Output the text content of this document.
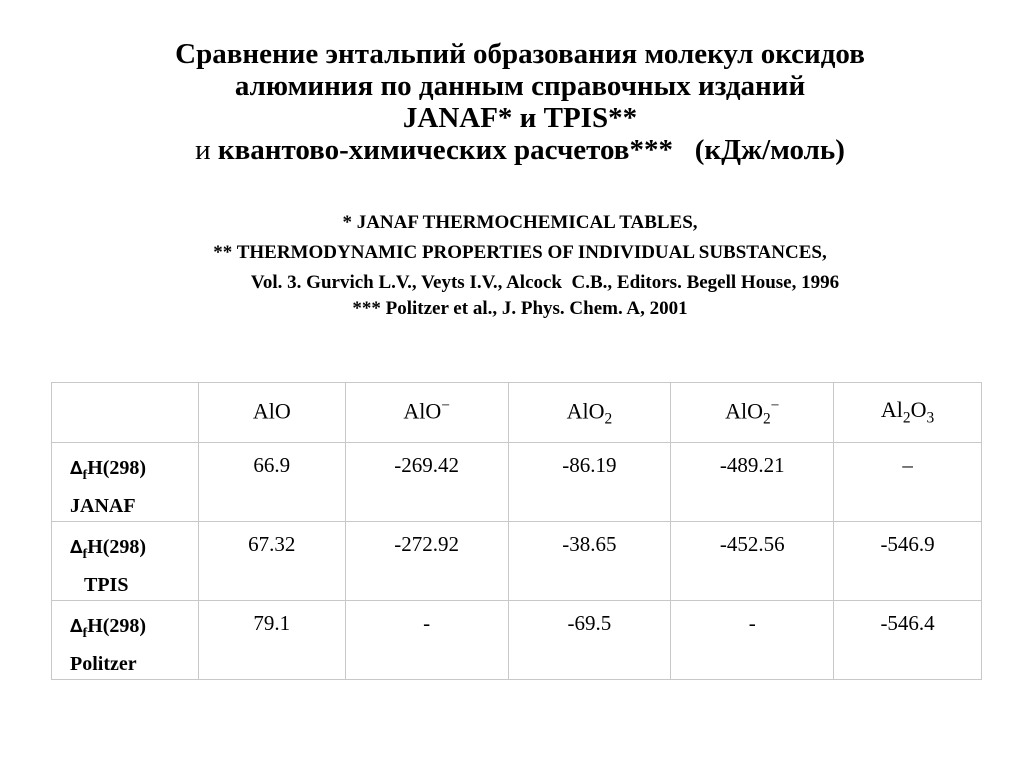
Сравнение энтальпий образования молекул оксидов
алюминия по данным справочных изданий
JANAF* и TPIS**
и квантово-химических расчетов***   (кДж/моль)
* JANAF THERMOCHEMICAL TABLES,
** THERMODYNAMIC PROPERTIES OF INDIVIDUAL SUBSTANCES,
Vol. 3. Gurvich L.V., Veyts I.V., Alcock  C.B., Editors. Begell House, 1996
*** Politzer et al., J. Phys. Chem. A, 2001
	AlO	AlO−	AlO$_2$	AlO$_2$−	$Al_2O_3$
$\Delta_fH(298)$
JANAF	66.9	-269.42	-86.19	-489.21	–
$\Delta_fH(298)$
TPIS	67.32	-272.92	-38.65	-452.56	-546.9
$\Delta_fH(298)$
Politzer	79.1	-	-69.5	-	-546.4
